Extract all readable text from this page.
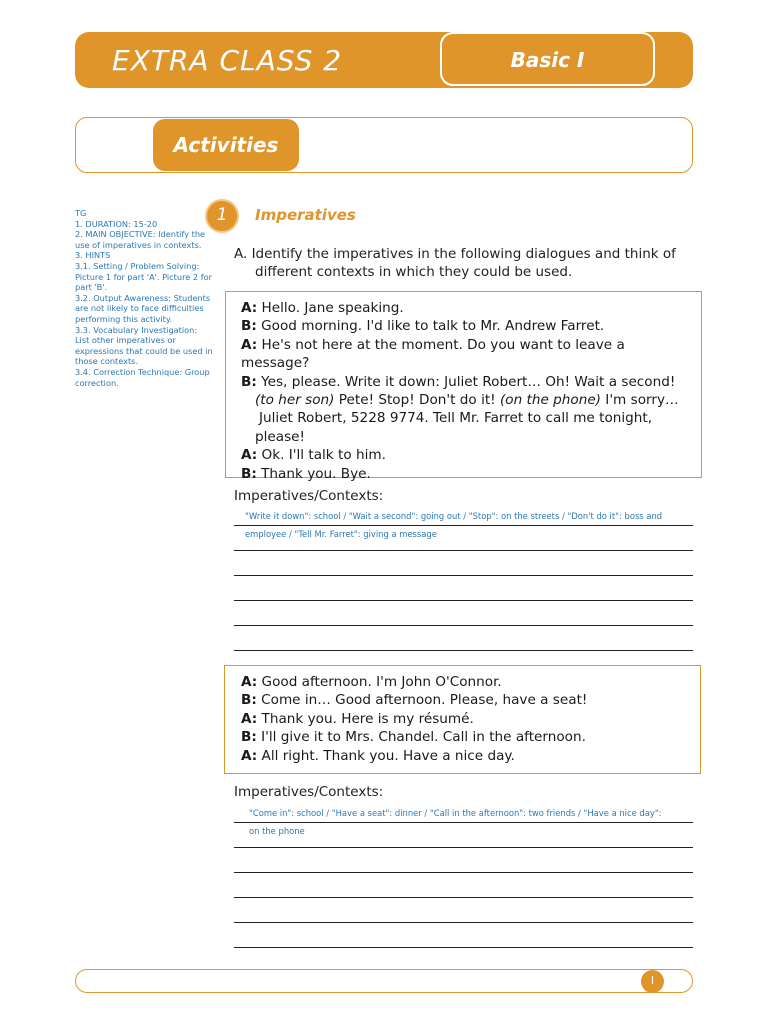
EXTRA CLASS 2	Basic I
Activities
TG
1. DURATION: 15-20
2. MAIN OBJECTIVE: Identify the use of imperatives in contexts.
3. HINTS
3.1. Setting / Problem Solving: Picture 1 for part 'A'. Picture 2 for part 'B'.
3.2. Output Awareness: Students are not likely to face difficulties performing this activity.
3.3. Vocabulary Investigation: List other imperatives or expressions that could be used in those contexts.
3.4. Correction Technique: Group correction.
1	Imperatives
A. Identify the imperatives in the following dialogues and think of
different contexts in which they could be used.
A: Hello. Jane speaking.
B: Good morning. I'd like to talk to Mr. Andrew Farret.
A: He's not here at the moment. Do you want to leave a message?
B: Yes, please. Write it down: Juliet Robert… Oh! Wait a second!
(to her son) Pete! Stop! Don't do it! (on the phone) I'm sorry…
Juliet Robert, 5228 9774. Tell Mr. Farret to call me tonight,
please!
A: Ok. I'll talk to him.
B: Thank you. Bye.
Imperatives/Contexts:
"Write it down": school / "Wait a second": going out / "Stop": on the streets / "Don't do it": boss and
employee / "Tell Mr. Farret": giving a message
A: Good afternoon. I'm John O'Connor.
B: Come in… Good afternoon. Please, have a seat!
A: Thank you. Here is my résumé.
B: I'll give it to Mrs. Chandel. Call in the afternoon.
A: All right. Thank you. Have a nice day.
Imperatives/Contexts:
"Come in": school / "Have a seat": dinner / "Call in the afternoon": two friends / "Have a nice day":
on the phone
I
